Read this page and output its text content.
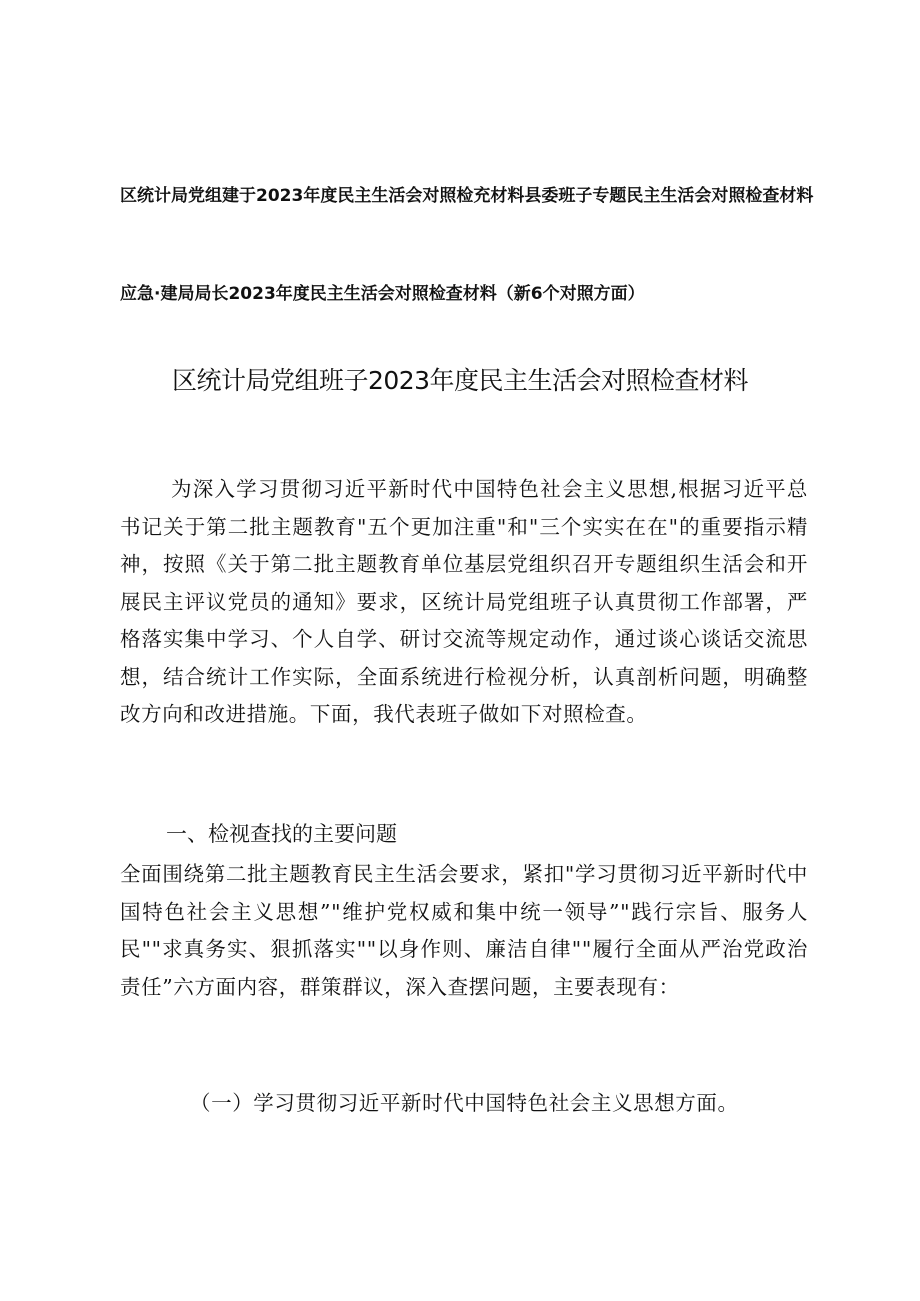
区统计局党组建于2023年度民主生活会对照检充材料县委班子专题民主生活会对照检查材料
应急·建局局长2023年度民主生活会对照检查材料（新6个对照方面）
区统计局党组班子2023年度民主生活会对照检查材料
为深入学习贯彻习近平新时代中国特色社会主义思想,根据习近平总书记关于第二批主题教育"五个更加注重"和"三个实实在在"的重要指示精神，按照《关于第二批主题教育单位基层党组织召开专题组织生活会和开展民主评议党员的通知》要求，区统计局党组班子认真贯彻工作部署，严格落实集中学习、个人自学、研讨交流等规定动作，通过谈心谈话交流思想，结合统计工作实际，全面系统进行检视分析，认真剖析问题，明确整改方向和改进措施。下面，我代表班子做如下对照检查。
一、检视查找的主要问题
全面围绕第二批主题教育民主生活会要求，紧扣"学习贯彻习近平新时代中国特色社会主义思想”"维护党权威和集中统一领导”"践行宗旨、服务人民""求真务实、狠抓落实""以身作则、廉洁自律""履行全面从严治党政治责任”六方面内容，群策群议，深入查摆问题，主要表现有：
（一）学习贯彻习近平新时代中国特色社会主义思想方面。
